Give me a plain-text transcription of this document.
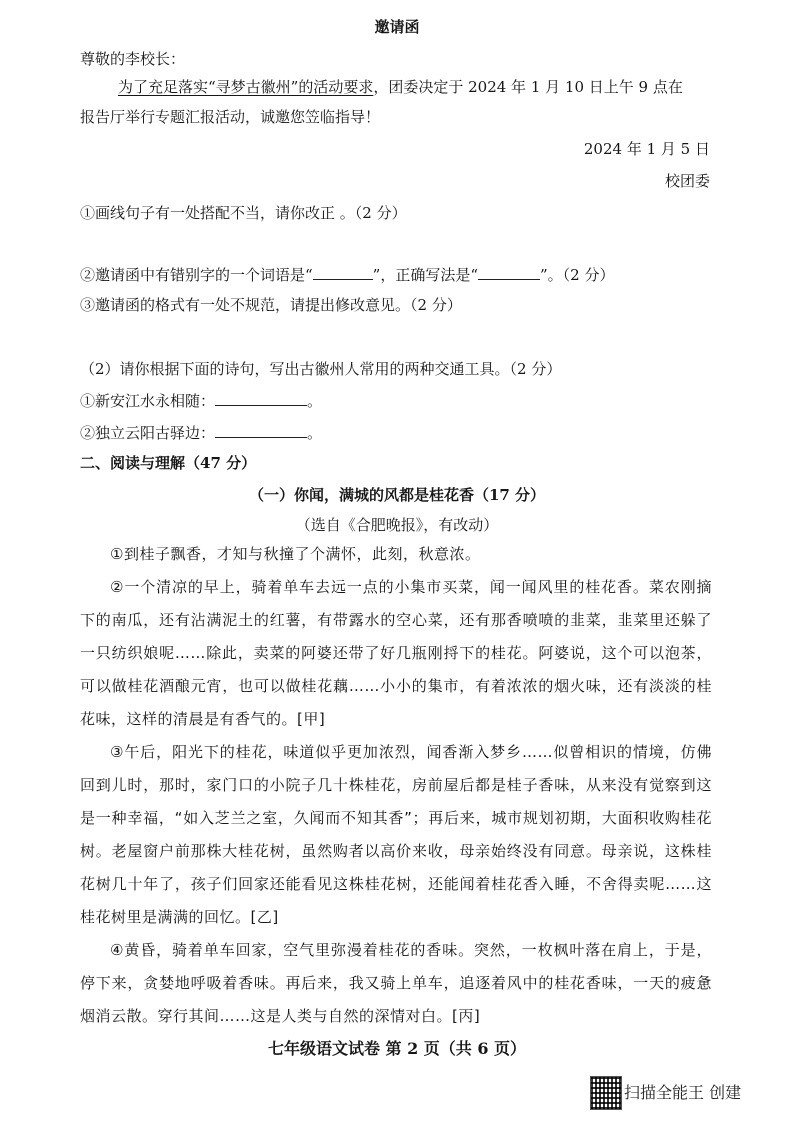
邀请函
尊敬的李校长：
为了充足落实“寻梦古徽州”的活动要求，团委决定于 2024 年 1 月 10 日上午 9 点在
报告厅举行专题汇报活动，诚邀您笠临指导！
2024 年 1 月 5 日
校团委
①画线句子有一处搭配不当，请你改正 。（2 分）
②邀请函中有错别字的一个词语是“	”，正确写法是“	”。（2 分）
③邀请函的格式有一处不规范，请提出修改意见。（2 分）
（2）请你根据下面的诗句，写出古徽州人常用的两种交通工具。（2 分）
①新安江水永相随：	。
②独立云阳古驿边：	。
二、阅读与理解（47 分）
（一）你闻，满城的风都是桂花香（17 分）
（选自《合肥晚报》，有改动）
①到桂子飘香，才知与秋撞了个满怀，此刻，秋意浓。
②一个清凉的早上，骑着单车去远一点的小集市买菜，闻一闻风里的桂花香。菜农刚摘下的南瓜，还有沾满泥土的红薯，有带露水的空心菜，还有那香喷喷的韭菜，韭菜里还躲了一只纺织娘呢……除此，卖菜的阿婆还带了好几瓶刚捋下的桂花。阿婆说，这个可以泡茶，可以做桂花酒酿元宵，也可以做桂花藕……小小的集市，有着浓浓的烟火味，还有淡淡的桂花味，这样的清晨是有香气的。[甲]
③午后，阳光下的桂花，味道似乎更加浓烈，闻香渐入梦乡……似曾相识的情境，仿佛回到儿时，那时，家门口的小院子几十株桂花，房前屋后都是桂子香味，从来没有觉察到这是一种幸福，“如入芝兰之室，久闻而不知其香”；再后来，城市规划初期，大面积收购桂花树。老屋窗户前那株大桂花树，虽然购者以高价来收，母亲始终没有同意。母亲说，这株桂花树几十年了，孩子们回家还能看见这株桂花树，还能闻着桂花香入睡，不舍得卖呢……这桂花树里是满满的回忆。[乙]
④黄昏，骑着单车回家，空气里弥漫着桂花的香味。突然，一枚枫叶落在肩上，于是，停下来，贪婪地呼吸着香味。再后来，我又骑上单车，追逐着风中的桂花香味，一天的疲惫烟消云散。穿行其间……这是人类与自然的深情对白。[丙]
七年级语文试卷 第 2 页（共 6 页）
扫描全能王 创建
